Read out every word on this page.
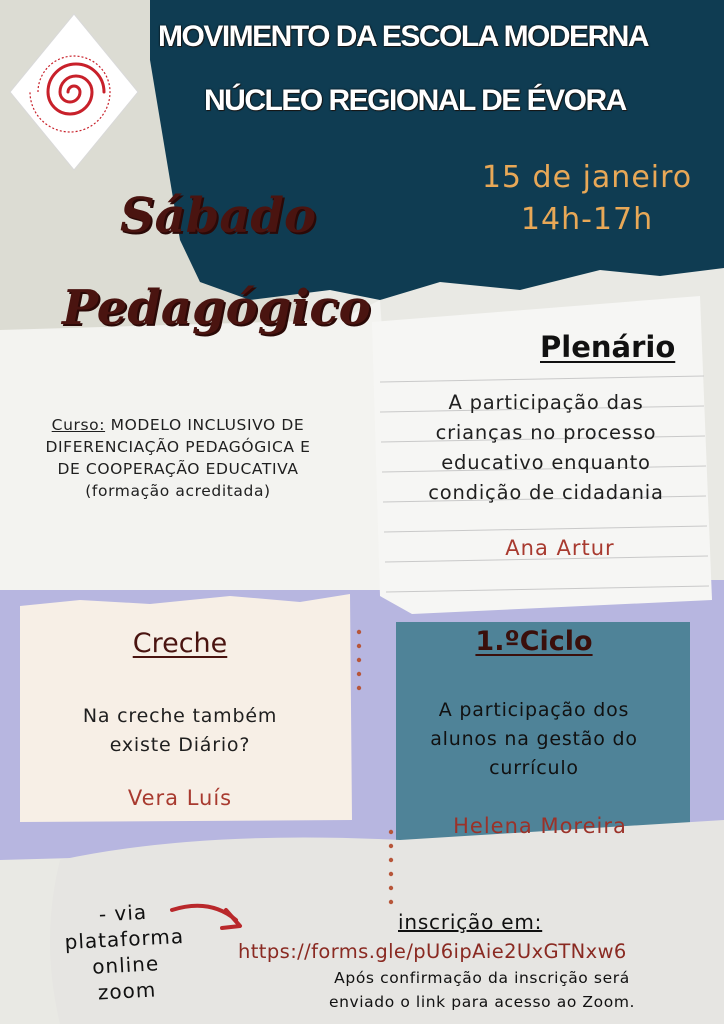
MOVIMENTO DA ESCOLA MODERNA
NÚCLEO REGIONAL DE ÉVORA
15 de janeiro
14h-17h
Sábado
Pedagógico
Curso: MODELO INCLUSIVO DE
DIFERENCIAÇÃO PEDAGÓGICA E
DE COOPERAÇÃO EDUCATIVA
(formação acreditada)
Plenário
A participação das
crianças no processo
educativo enquanto
condição de cidadania
Ana Artur
Creche
Na creche também
existe Diário?
Vera Luís
1.ºCiclo
A participação dos
alunos na gestão do
currículo
Helena Moreira
- via
plataforma
online
zoom
inscrição em:
https://forms.gle/pU6ipAie2UxGTNxw6
Após confirmação da inscrição será
enviado o link para acesso ao Zoom.
